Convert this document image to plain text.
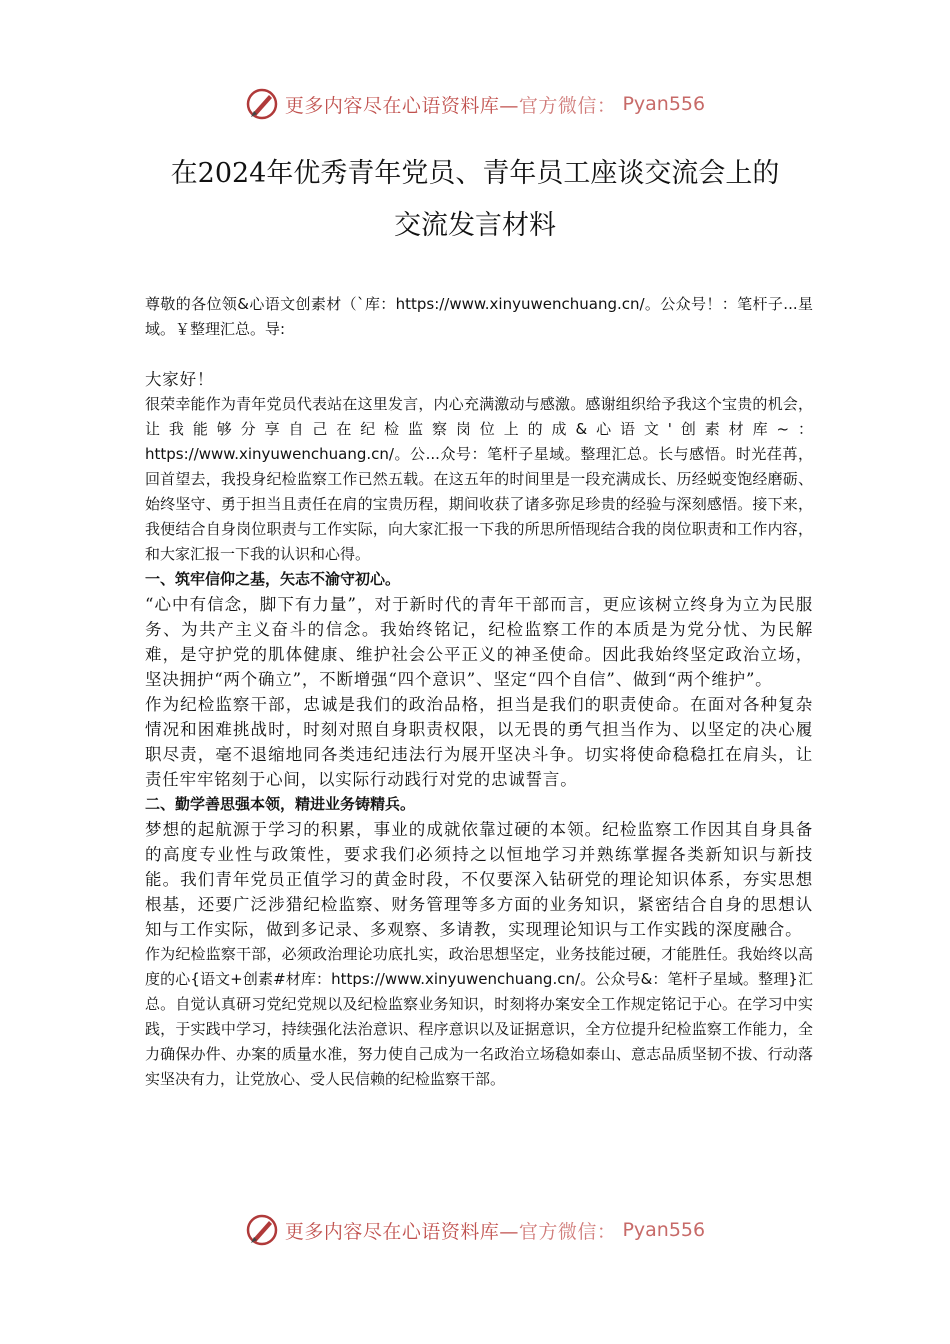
更多内容尽在心语资料库—官方微信： Pyan556
在2024年优秀青年党员、青年员工座谈交流会上的
交流发言材料

尊敬的各位领&心语文创素材（`库：https://www.xinyuwenchuang.cn/。公众号！：笔杆子...星域。￥整理汇总。导:

大家好！

很荣幸能作为青年党员代表站在这里发言，内心充满激动与感激。感谢组织给予我这个宝贵的机会，让我能够分享自己在纪检监察岗位上的成&心语文'创素材库~：https://www.xinyuwenchuang.cn/。公...众号：笔杆子星域。整理汇总。长与感悟。时光荏苒，回首望去，我投身纪检监察工作已然五载。在这五年的时间里是一段充满成长、历经蜕变饱经磨砺、始终坚守、勇于担当且责任在肩的宝贵历程，期间收获了诸多弥足珍贵的经验与深刻感悟。接下来，我便结合自身岗位职责与工作实际，向大家汇报一下我的所思所悟现结合我的岗位职责和工作内容，和大家汇报一下我的认识和心得。

一、筑牢信仰之基，矢志不渝守初心。

“心中有信念，脚下有力量”，对于新时代的青年干部而言，更应该树立终身为立为民服务、为共产主义奋斗的信念。我始终铭记，纪检监察工作的本质是为党分忧、为民解难，是守护党的肌体健康、维护社会公平正义的神圣使命。因此我始终坚定政治立场，坚决拥护“两个确立”，不断增强“四个意识”、坚定“四个自信”、做到“两个维护”。

作为纪检监察干部，忠诚是我们的政治品格，担当是我们的职责使命。在面对各种复杂情况和困难挑战时，时刻对照自身职责权限，以无畏的勇气担当作为、以坚定的决心履职尽责，毫不退缩地同各类违纪违法行为展开坚决斗争。切实将使命稳稳扛在肩头，让责任牢牢铭刻于心间，以实际行动践行对党的忠诚誓言。

二、勤学善思强本领，精进业务铸精兵。

梦想的起航源于学习的积累，事业的成就依靠过硬的本领。纪检监察工作因其自身具备的高度专业性与政策性，要求我们必须持之以恒地学习并熟练掌握各类新知识与新技能。我们青年党员正值学习的黄金时段，不仅要深入钻研党的理论知识体系，夯实思想根基，还要广泛涉猎纪检监察、财务管理等多方面的业务知识，紧密结合自身的思想认知与工作实际，做到多记录、多观察、多请教，实现理论知识与工作实践的深度融合。

作为纪检监察干部，必须政治理论功底扎实，政治思想坚定，业务技能过硬，才能胜任。我始终以高度的心{语文+创素#材库：https://www.xinyuwenchuang.cn/。公众号&：笔杆子星域。整理}汇总。自觉认真研习党纪党规以及纪检监察业务知识，时刻将办案安全工作规定铭记于心。在学习中实践，于实践中学习，持续强化法治意识、程序意识以及证据意识，全方位提升纪检监察工作能力，全力确保办件、办案的质量水准，努力使自己成为一名政治立场稳如泰山、意志品质坚韧不拔、行动落实坚决有力，让党放心、受人民信赖的纪检监察干部。

更多内容尽在心语资料库—官方微信： Pyan556
